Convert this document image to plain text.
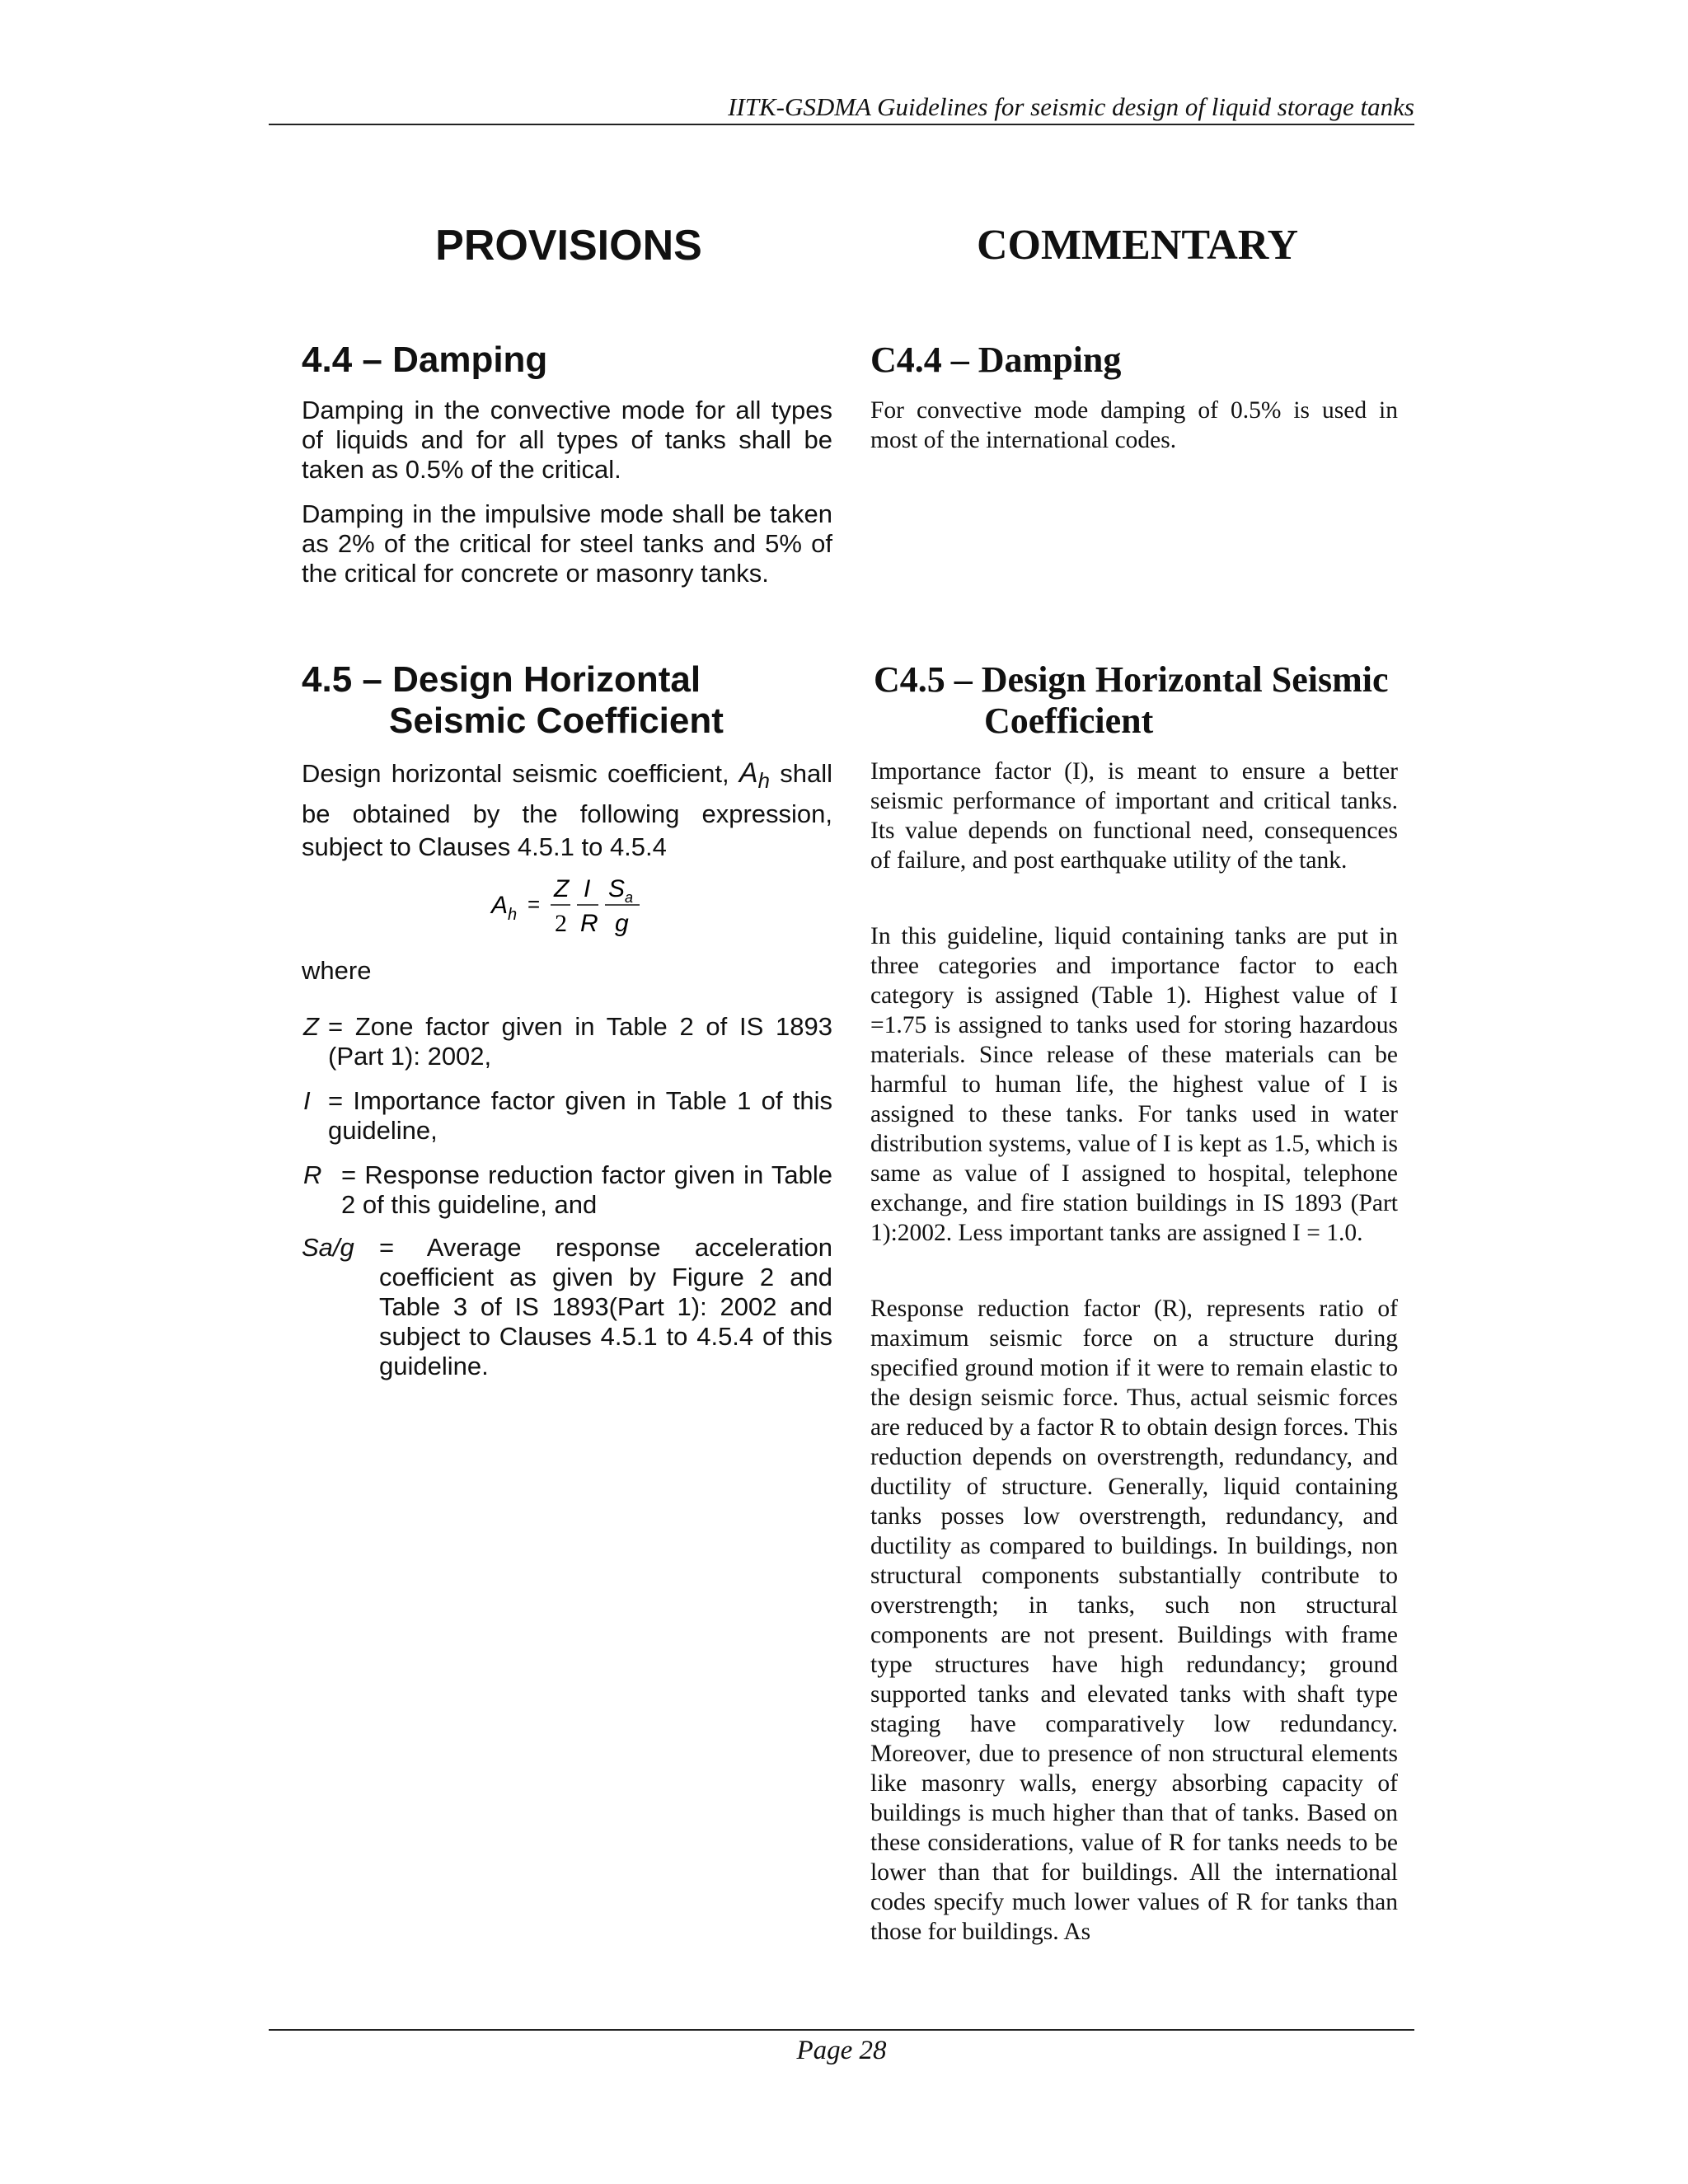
IITK-GSDMA Guidelines for seismic design of liquid storage tanks
PROVISIONS	COMMENTARY
4.4 – Damping
Damping in the convective mode for all types of liquids and for all types of tanks shall be taken as 0.5% of the critical.
Damping in the impulsive mode shall be taken as 2% of the critical for steel tanks and 5% of the critical for concrete or masonry tanks.
C4.4 – Damping
For convective mode damping of 0.5% is used in most of the international codes.
4.5 – Design Horizontal
Seismic Coefficient
Design horizontal seismic coefficient, $A_h$ shall be obtained by the following expression, subject to Clauses 4.5.1 to 4.5.4
A h =
Z
2
I
R
S a
g
where
Z = Zone factor given in Table 2 of IS 1893 (Part 1): 2002,
I = Importance factor given in Table 1 of this guideline,
R = Response reduction factor given in Table 2 of this guideline, and
Sa/g = Average response acceleration coefficient as given by Figure 2 and Table 3 of IS 1893(Part 1): 2002 and subject to Clauses 4.5.1 to 4.5.4 of this guideline.
C4.5 – Design Horizontal Seismic
Coefficient
Importance factor (I), is meant to ensure a better seismic performance of important and critical tanks. Its value depends on functional need, consequences of failure, and post earthquake utility of the tank.
In this guideline, liquid containing tanks are put in three categories and importance factor to each category is assigned (Table 1). Highest value of I =1.75 is assigned to tanks used for storing hazardous materials. Since release of these materials can be harmful to human life, the highest value of I is assigned to these tanks. For tanks used in water distribution systems, value of I is kept as 1.5, which is same as value of I assigned to hospital, telephone exchange, and fire station buildings in IS 1893 (Part 1):2002. Less important tanks are assigned I = 1.0.
Response reduction factor (R), represents ratio of maximum seismic force on a structure during specified ground motion if it were to remain elastic to the design seismic force. Thus, actual seismic forces are reduced by a factor R to obtain design forces. This reduction depends on overstrength, redundancy, and ductility of structure. Generally, liquid containing tanks posses low overstrength, redundancy, and ductility as compared to buildings. In buildings, non structural components substantially contribute to overstrength; in tanks, such non structural components are not present. Buildings with frame type structures have high redundancy; ground supported tanks and elevated tanks with shaft type staging have comparatively low redundancy. Moreover, due to presence of non structural elements like masonry walls, energy absorbing capacity of buildings is much higher than that of tanks. Based on these considerations, value of R for tanks needs to be lower than that for buildings. All the international codes specify much lower values of R for tanks than those for buildings. As
Page 28
